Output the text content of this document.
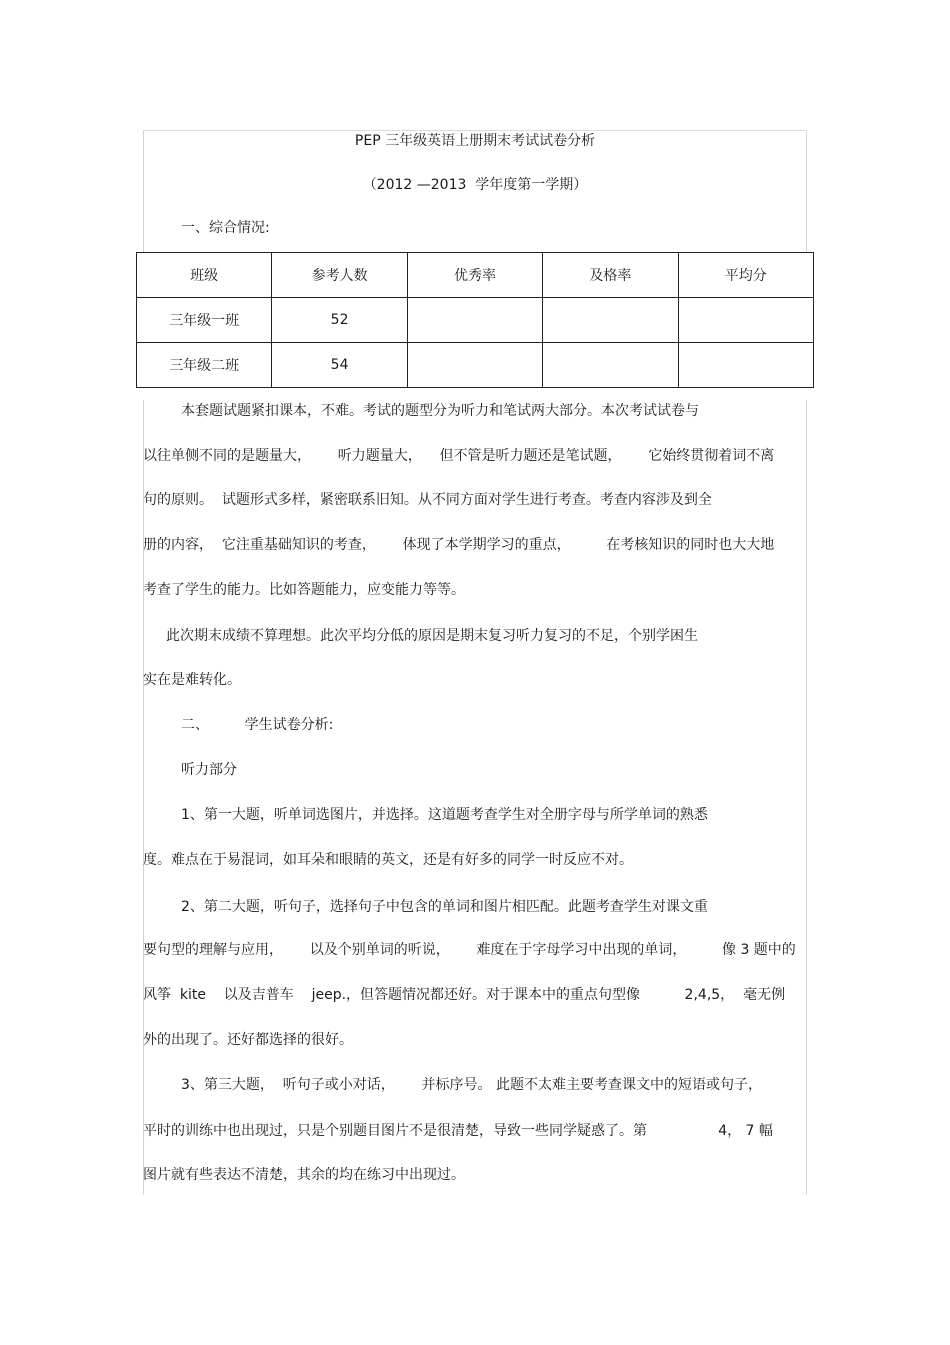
PEP 三年级英语上册期末考试试卷分析
（2012 —2013  学年度第一学期）
一、综合情况:
班级	参考人数	优秀率	及格率	平均分
三年级一班	52			
三年级二班	54			
本套题试题紧扣课本，不难。考试的题型分为听力和笔试两大部分。本次考试试卷与
以往单侧不同的是题量大，      听力题量大，    但不管是听力题还是笔试题，      它始终贯彻着词不离
句的原则。  试题形式多样，紧密联系旧知。从不同方面对学生进行考查。考查内容涉及到全
册的内容，  它注重基础知识的考查，      体现了本学期学习的重点，        在考核知识的同时也大大地
考查了学生的能力。比如答题能力，应变能力等等。
此次期末成绩不算理想。此次平均分低的原因是期末复习听力复习的不足，个别学困生
实在是难转化。
二、        学生试卷分析:
听力部分
1、第一大题，听单词选图片，并选择。这道题考查学生对全册字母与所学单词的熟悉
度。难点在于易混词，如耳朵和眼睛的英文，还是有好多的同学一时反应不对。
2、第二大题，听句子，选择句子中包含的单词和图片相匹配。此题考查学生对课文重
要句型的理解与应用，      以及个别单词的听说，      难度在于字母学习中出现的单词，        像 3 题中的
风筝  kite    以及吉普车    jeep.，但答题情况都还好。对于课本中的重点句型像          2,4,5，  毫无例
外的出现了。还好都选择的很好。
3、第三大题，  听句子或小对话，      并标序号。 此题不太难主要考查课文中的短语或句子，
平时的训练中也出现过，只是个别题目图片不是很清楚，导致一些同学疑惑了。第                4， 7 幅
图片就有些表达不清楚，其余的均在练习中出现过。
